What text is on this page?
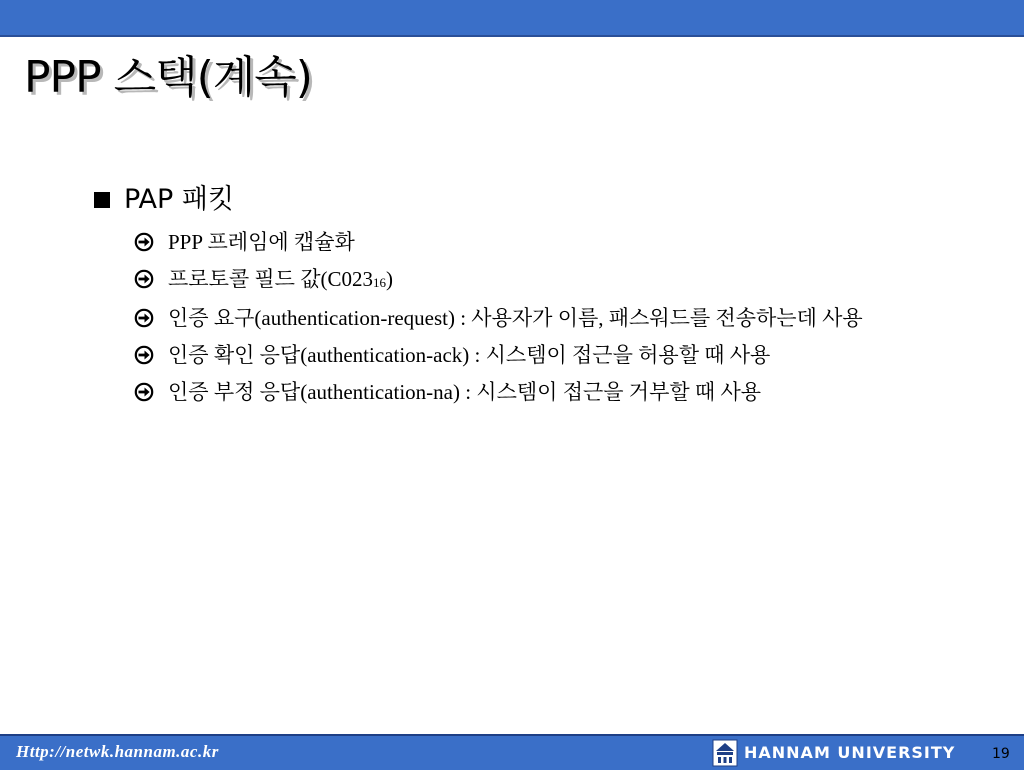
PPP 스택(계속)
PAP 패킷
PPP 프레임에 캡슐화
프로토콜 필드 값$(C023_{16})$
인증 요구(authentication-request) : 사용자가 이름, 패스워드를 전송하는데 사용
인증 확인 응답(authentication-ack) : 시스템이 접근을 허용할 때 사용
인증 부정 응답(authentication-na) : 시스템이 접근을 거부할 때 사용
Http://netwk.hannam.ac.kr	HANNAM UNIVERSITY	19
